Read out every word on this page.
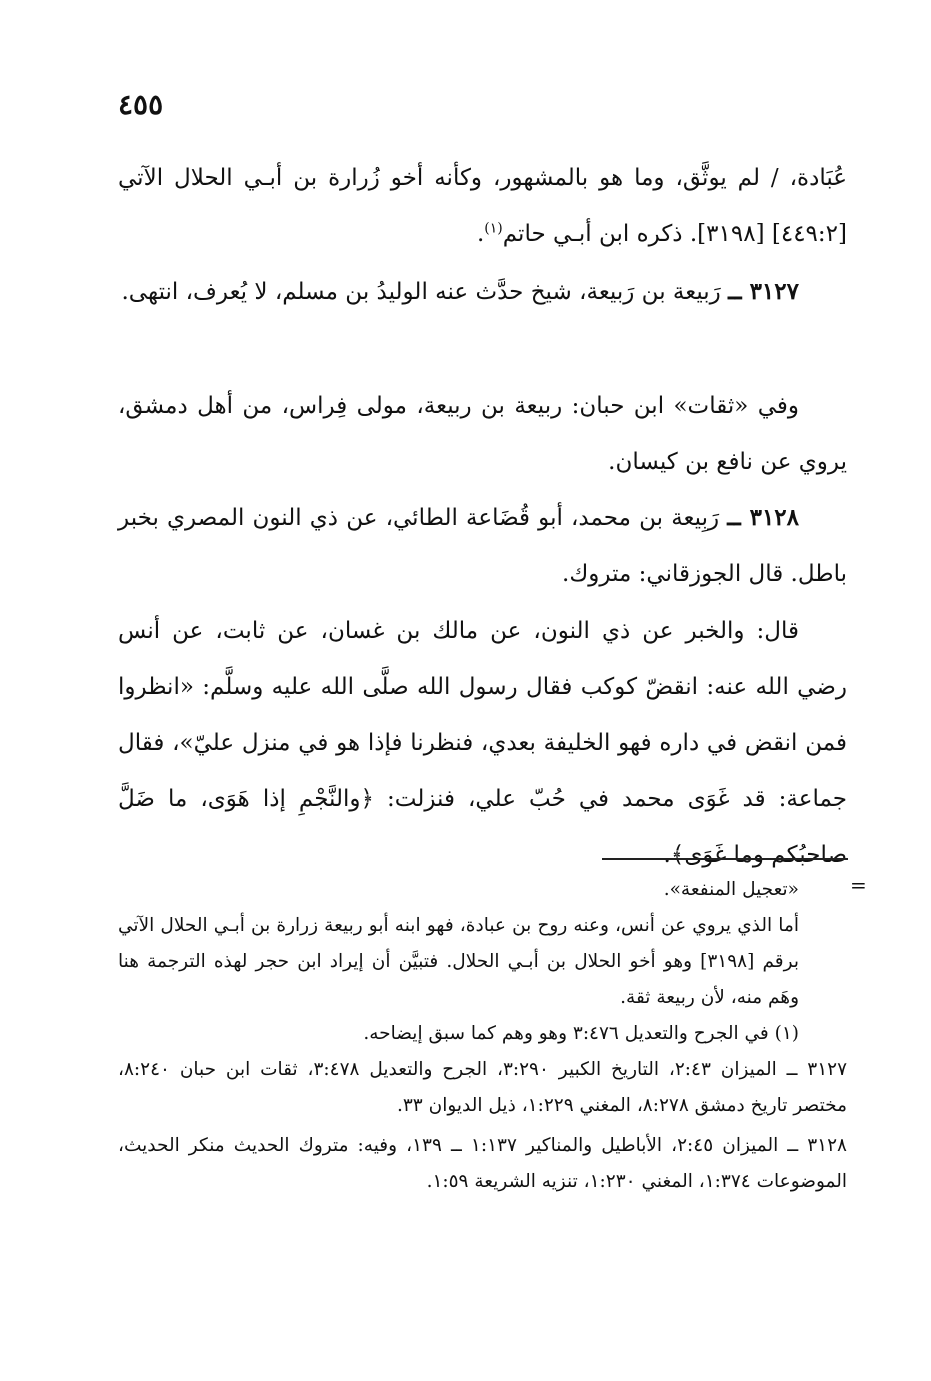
٤٥٥

عُبَادة، / لم يوثَّق، وما هو بالمشهور، وكأنه أخو زُرارة بن أبـي الحلال الآتي [٤٤٩:٢] [٣١٩٨]. ذكره ابن أبـي حاتم$^{(١)}$.

٣١٢٧ ــ رَبيعة بن رَبيعة، شيخ حدَّث عنه الوليدُ بن مسلم، لا يُعرف، انتهى.

وفي «ثقات» ابن حبان: ربيعة بن ربيعة، مولى فِراس، من أهل دمشق، يروي عن نافع بن كيسان.

٣١٢٨ ــ رَبِيعة بن محمد، أبو قُضَاعة الطائي، عن ذي النون المصري بخبر باطل. قال الجوزقاني: متروك.

قال: والخبر عن ذي النون، عن مالك بن غسان، عن ثابت، عن أنس رضي الله عنه: انقضّ كوكب فقال رسول الله صلَّى الله عليه وسلَّم: «انظروا فمن انقض في داره فهو الخليفة بعدي، فنظرنا فإذا هو في منزل عليّ»، فقال جماعة: قد غَوَى محمد في حُبّ علي، فنزلت: ﴿والنَّجْمِ إذا هَوَى، ما ضَلَّ صاحبُكم وما غَوَى﴾.

=

«تعجيل المنفعة».

أما الذي يروي عن أنس، وعنه روح بن عبادة، فهو ابنه أبو ربيعة زرارة بن أبـي الحلال الآتي برقم [٣١٩٨] وهو أخو الحلال بن أبـي الحلال. فتبيَّن أن إيراد ابن حجر لهذه الترجمة هنا وهَم منه، لأن ربيعة ثقة.

(١) في الجرح والتعديل ٣:٤٧٦ وهو وهم كما سبق إيضاحه.

٣١٢٧ ــ الميزان ٢:٤٣، التاريخ الكبير ٣:٢٩٠، الجرح والتعديل ٣:٤٧٨، ثقات ابن حبان ٨:٢٤٠، مختصر تاريخ دمشق ٨:٢٧٨، المغني ١:٢٢٩، ذيل الديوان ٣٣.

٣١٢٨ ــ الميزان ٢:٤٥، الأباطيل والمناكير ١:١٣٧ ــ ١٣٩، وفيه: متروك الحديث منكر الحديث، الموضوعات ١:٣٧٤، المغني ١:٢٣٠، تنزيه الشريعة ١:٥٩.
